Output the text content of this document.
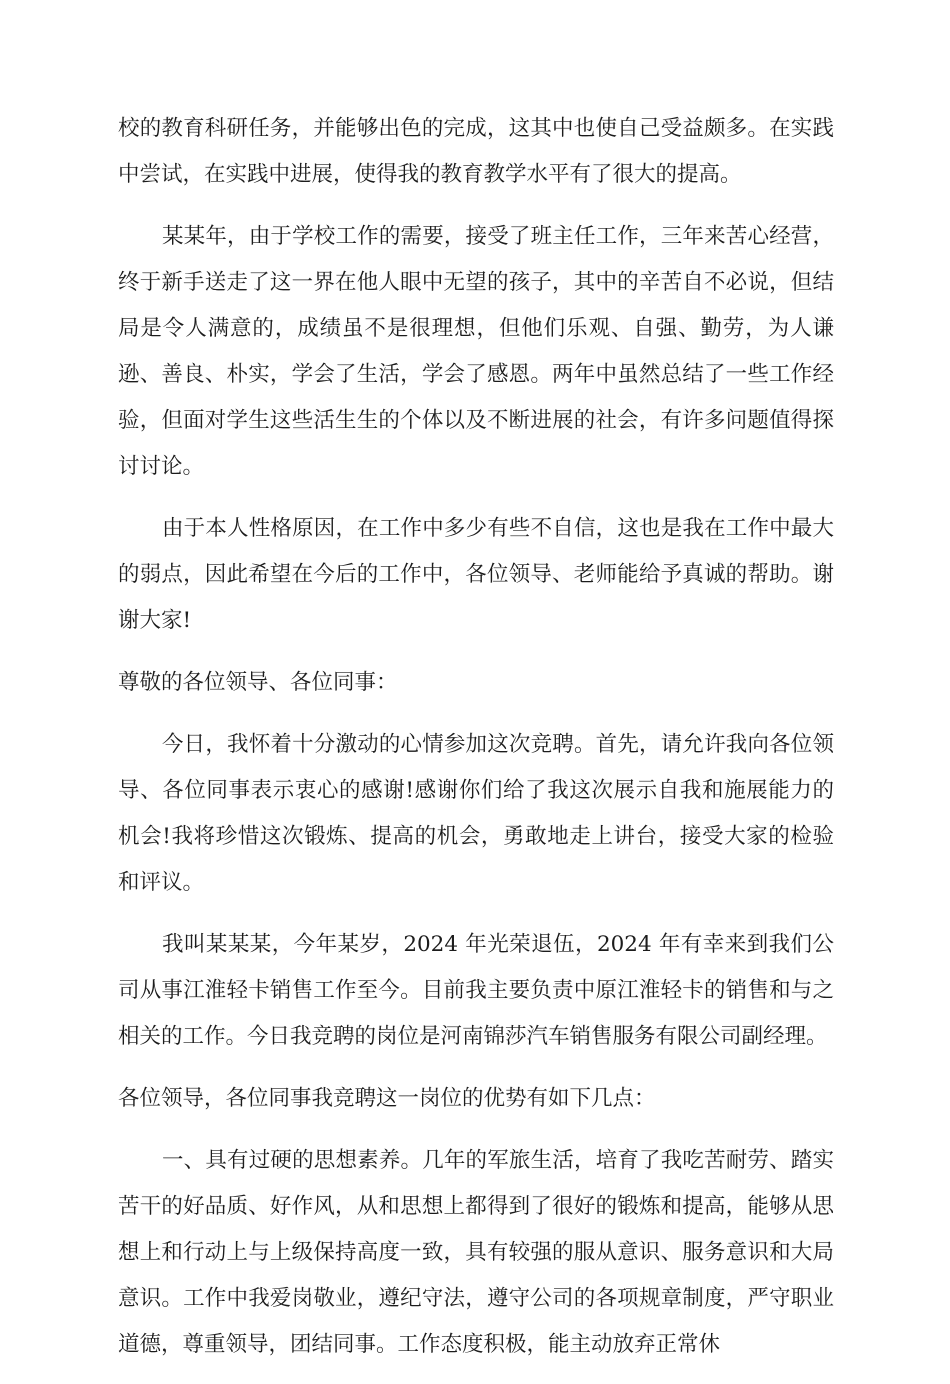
校的教育科研任务，并能够出色的完成，这其中也使自己受益颇多。在实践中尝试，在实践中进展，使得我的教育教学水平有了很大的提高。

某某年，由于学校工作的需要，接受了班主任工作，三年来苦心经营，终于新手送走了这一界在他人眼中无望的孩子，其中的辛苦自不必说，但结局是令人满意的，成绩虽不是很理想，但他们乐观、自强、勤劳，为人谦逊、善良、朴实，学会了生活，学会了感恩。两年中虽然总结了一些工作经验，但面对学生这些活生生的个体以及不断进展的社会，有许多问题值得探讨讨论。

由于本人性格原因，在工作中多少有些不自信，这也是我在工作中最大的弱点，因此希望在今后的工作中，各位领导、老师能给予真诚的帮助。谢谢大家!

尊敬的各位领导、各位同事：

今日，我怀着十分激动的心情参加这次竞聘。首先，请允许我向各位领导、各位同事表示衷心的感谢!感谢你们给了我这次展示自我和施展能力的机会!我将珍惜这次锻炼、提高的机会，勇敢地走上讲台，接受大家的检验和评议。

我叫某某某，今年某岁，2024 年光荣退伍，2024 年有幸来到我们公司从事江淮轻卡销售工作至今。目前我主要负责中原江淮轻卡的销售和与之相关的工作。今日我竞聘的岗位是河南锦莎汽车销售服务有限公司副经理。

各位领导，各位同事我竞聘这一岗位的优势有如下几点：

一、具有过硬的思想素养。几年的军旅生活，培育了我吃苦耐劳、踏实苦干的好品质、好作风，从和思想上都得到了很好的锻炼和提高，能够从思想上和行动上与上级保持高度一致，具有较强的服从意识、服务意识和大局意识。工作中我爱岗敬业，遵纪守法，遵守公司的各项规章制度，严守职业道德，尊重领导，团结同事。工作态度积极，能主动放弃正常休
